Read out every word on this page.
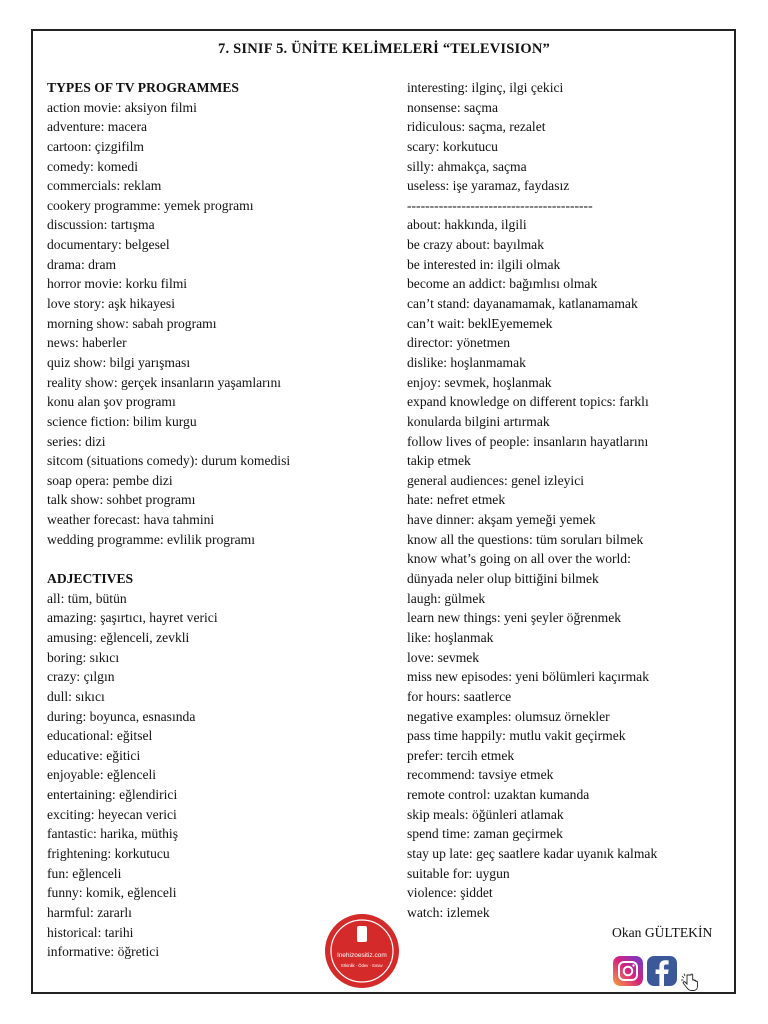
7. SINIF 5. ÜNİTE KELİMELERİ “TELEVISION”
TYPES OF TV PROGRAMMES
action movie: aksiyon filmi
adventure: macera
cartoon: çizgifilm
comedy: komedi
commercials: reklam
cookery programme: yemek programı
discussion: tartışma
documentary: belgesel
drama: dram
horror movie: korku filmi
love story: aşk hikayesi
morning show: sabah programı
news: haberler
quiz show: bilgi yarışması
reality show: gerçek insanların yaşamlarını
konu alan şov programı
science fiction: bilim kurgu
series: dizi
sitcom (situations comedy): durum komedisi
soap opera: pembe dizi
talk show: sohbet programı
weather forecast: hava tahmini
wedding programme: evlilik programı
ADJECTIVES
all: tüm, bütün
amazing: şaşırtıcı, hayret verici
amusing: eğlenceli, zevkli
boring: sıkıcı
crazy: çılgın
dull: sıkıcı
during: boyunca, esnasında
educational: eğitsel
educative: eğitici
enjoyable: eğlenceli
entertaining: eğlendirici
exciting: heyecan verici
fantastic: harika, müthiş
frightening: korkutucu
fun: eğlenceli
funny: komik, eğlenceli
harmful: zararlı
historical: tarihi
informative: öğretici
interesting: ilginç, ilgi çekici
nonsense: saçma
ridiculous: saçma, rezalet
scary: korkutucu
silly: ahmakça, saçma
useless: işe yaramaz, faydasız
-----------------------------------------
about: hakkında, ilgili
be crazy about: bayılmak
be interested in: ilgili olmak
become an addict: bağımlısı olmak
can’t stand: dayanamamak, katlanamamak
can’t wait: beklEyememek
director: yönetmen
dislike: hoşlanmamak
enjoy: sevmek, hoşlanmak
expand knowledge on different topics: farklı
konularda bilgini artırmak
follow lives of people: insanların hayatlarını
takip etmek
general audiences: genel izleyici
hate: nefret etmek
have dinner: akşam yemeği yemek
know all the questions: tüm soruları bilmek
know what’s going on all over the world:
dünyada neler olup bittiğini bilmek
laugh: gülmek
learn new things: yeni şeyler öğrenmek
like: hoşlanmak
love: sevmek
miss new episodes: yeni bölümleri kaçırmak
for hours: saatlerce
negative examples: olumsuz örnekler
pass time happily: mutlu vakit geçirmek
prefer: tercih etmek
recommend: tavsiye etmek
remote control: uzaktan kumanda
skip meals: öğünleri atlamak
spend time: zaman geçirmek
stay up late: geç saatlere kadar uyanık kalmak
suitable for: uygun
violence: şiddet
watch: izlemek
Okan GÜLTEKİN
lnehizoesitiz.com
Etkinlik · Ödev · Sınav
